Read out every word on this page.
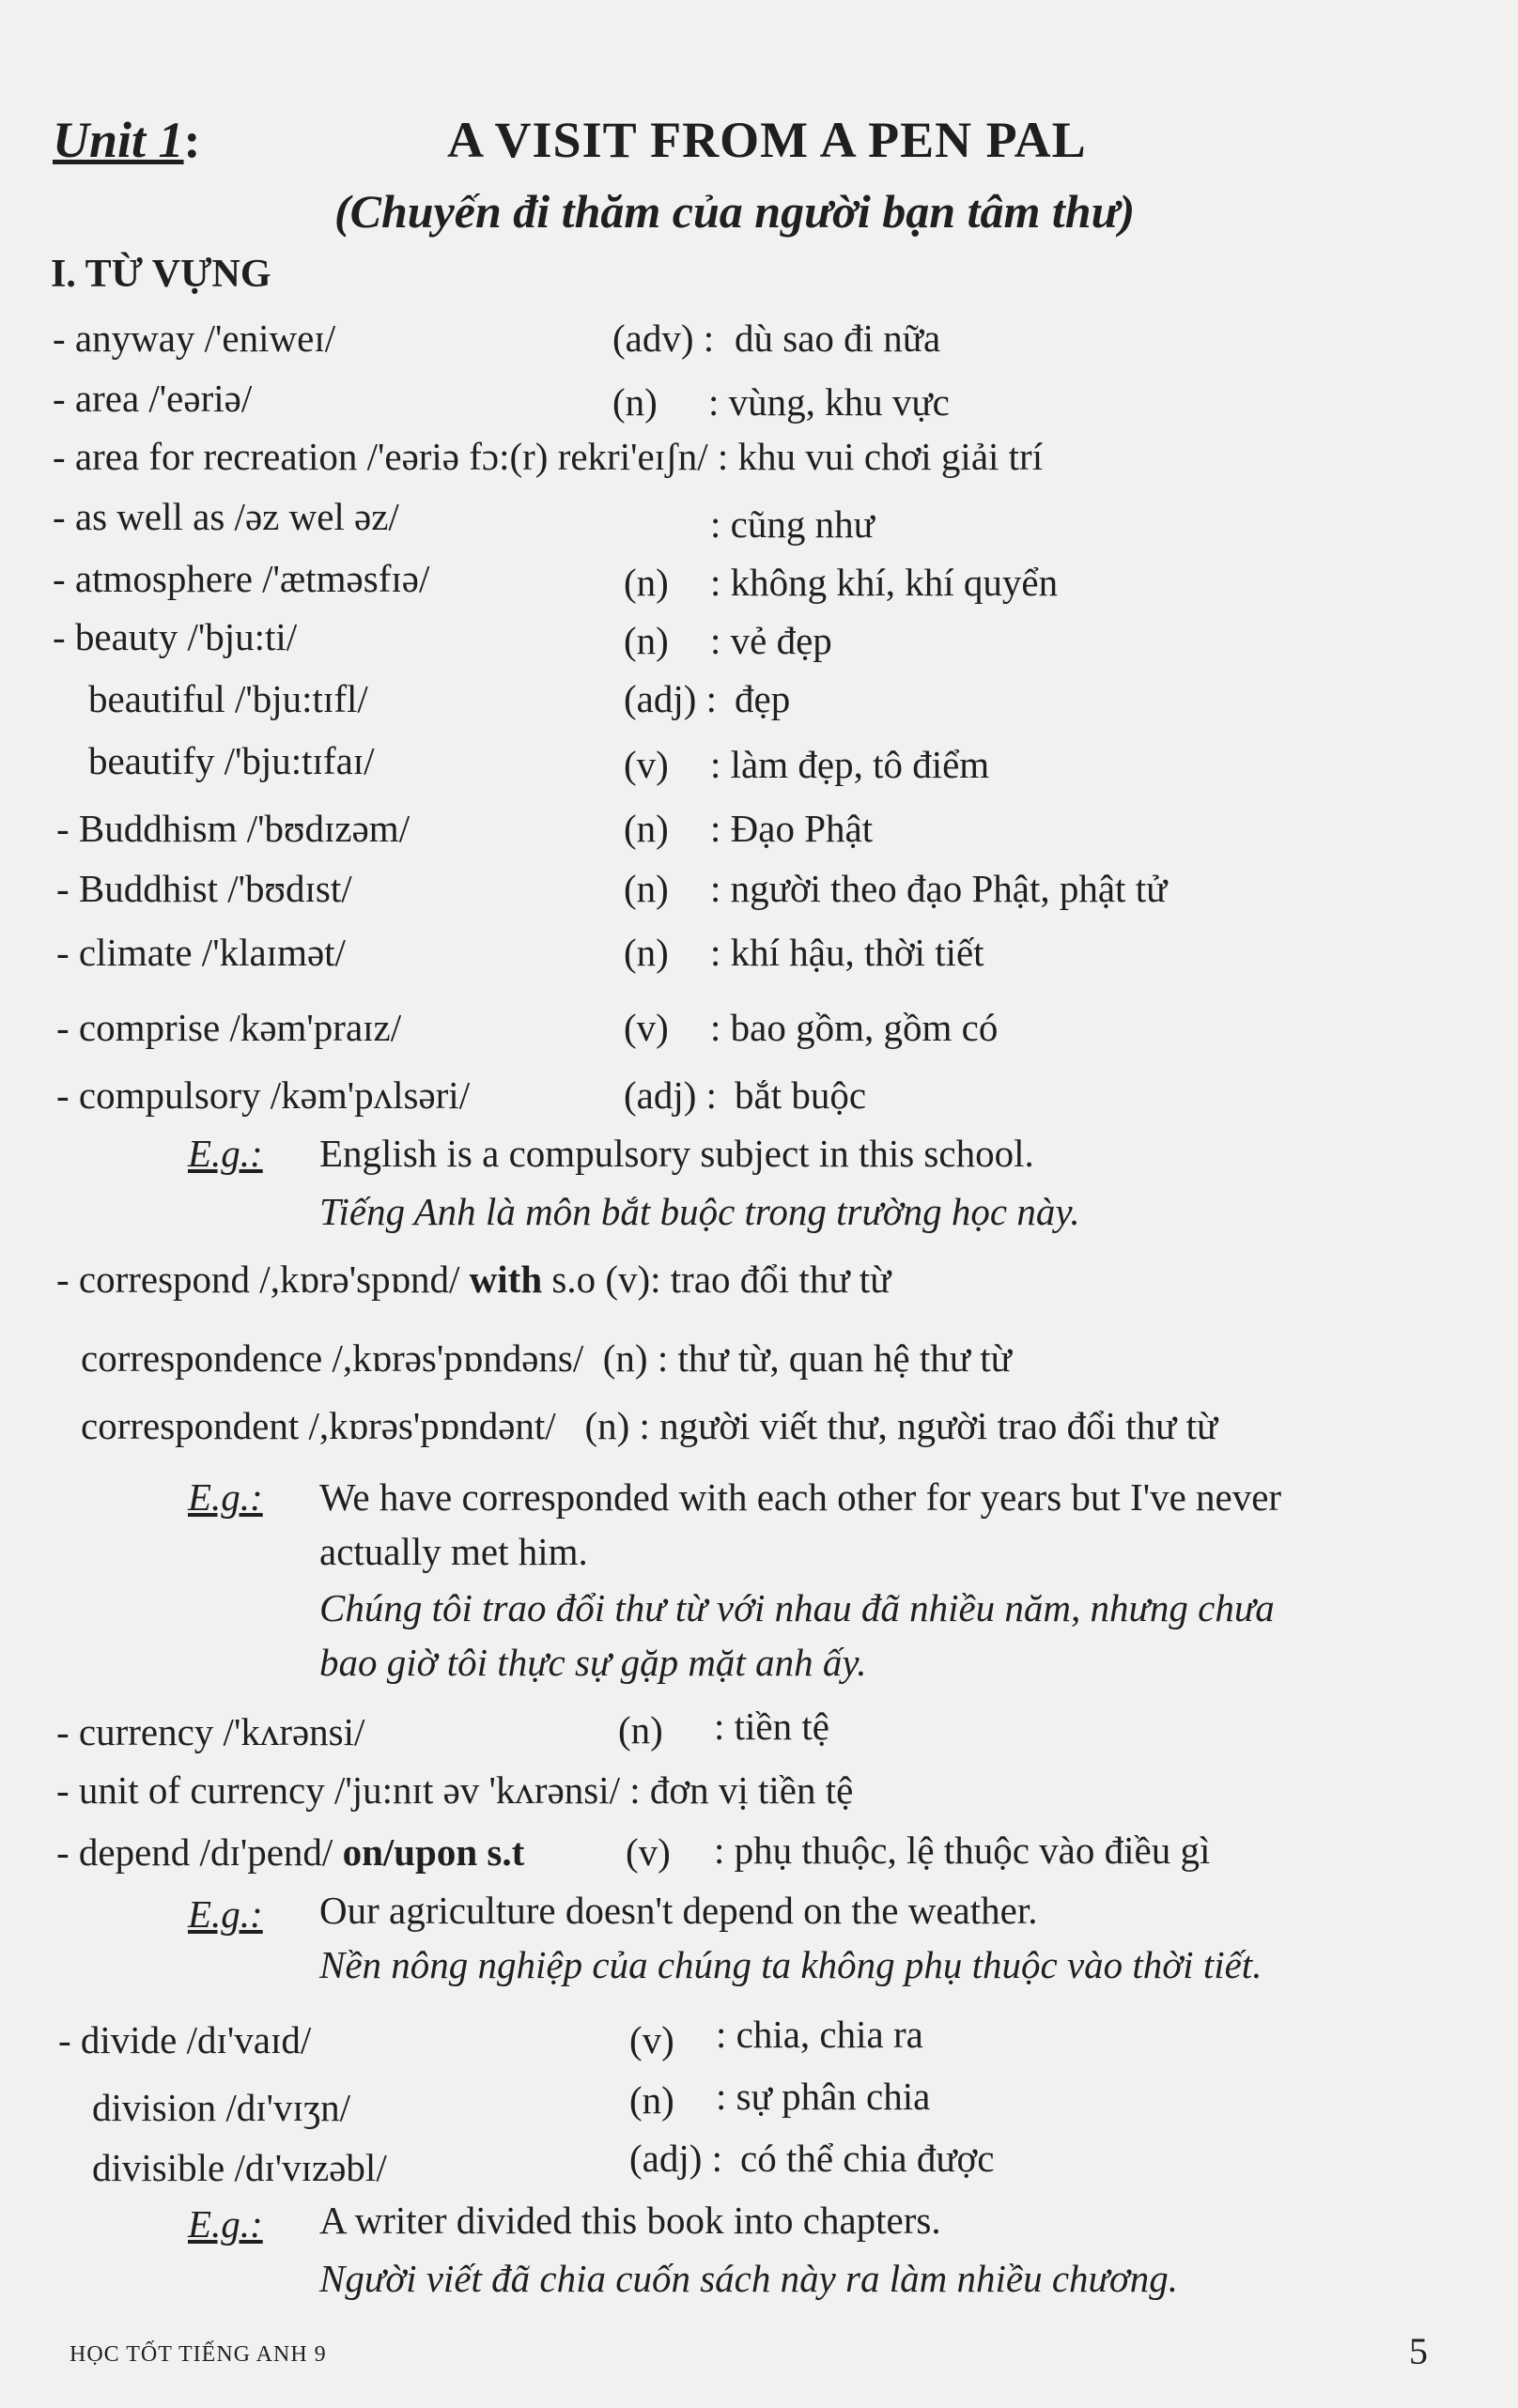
Unit 1:	A VISIT FROM A PEN PAL
(Chuyến đi thăm của người bạn tâm thư)
I. TỪ VỰNG
- anyway /'eniweɪ/	(adv) : dù sao đi nữa
- area /'eəriə/	(n) : vùng, khu vực
- area for recreation /'eəriə fɔ:(r) rekri'eɪʃn/ : khu vui chơi giải trí
- as well as /əz wel əz/	: cũng như
- atmosphere /'ætməsfɪə/	(n) : không khí, khí quyển
- beauty /'bju:ti/	(n) : vẻ đẹp
beautiful /'bju:tɪfl/	(adj) : đẹp
beautify /'bju:tɪfaɪ/	(v) : làm đẹp, tô điểm
- Buddhism /'bʊdɪzəm/	(n) : Đạo Phật
- Buddhist /'bʊdɪst/	(n) : người theo đạo Phật, phật tử
- climate /'klaɪmət/	(n) : khí hậu, thời tiết
- comprise /kəm'praɪz/	(v) : bao gồm, gồm có
- compulsory /kəm'pʌlsəri/	(adj) : bắt buộc
E.g.: English is a compulsory subject in this school.
Tiếng Anh là môn bắt buộc trong trường học này.
- correspond /,kɒrə'spɒnd/ with s.o (v): trao đổi thư từ
correspondence /,kɒrəs'pɒndəns/  (n) : thư từ, quan hệ thư từ
correspondent /,kɒrəs'pɒndənt/   (n) : người viết thư, người trao đổi thư từ
E.g.: We have corresponded with each other for years but I've never
actually met him.
Chúng tôi trao đổi thư từ với nhau đã nhiều năm, nhưng chưa
bao giờ tôi thực sự gặp mặt anh ấy.
- currency /'kʌrənsi/	(n) : tiền tệ
- unit of currency /'ju:nɪt əv 'kʌrənsi/ : đơn vị tiền tệ
- depend /dɪ'pend/ on/upon s.t	(v) : phụ thuộc, lệ thuộc vào điều gì
E.g.: Our agriculture doesn't depend on the weather.
Nền nông nghiệp của chúng ta không phụ thuộc vào thời tiết.
- divide /dɪ'vaɪd/	(v) : chia, chia ra
division /dɪ'vɪʒn/	(n) : sự phân chia
divisible /dɪ'vɪzəbl/	(adj) : có thể chia được
E.g.: A writer divided this book into chapters.
Người viết đã chia cuốn sách này ra làm nhiều chương.
HỌC TỐT TIẾNG ANH 9	5
